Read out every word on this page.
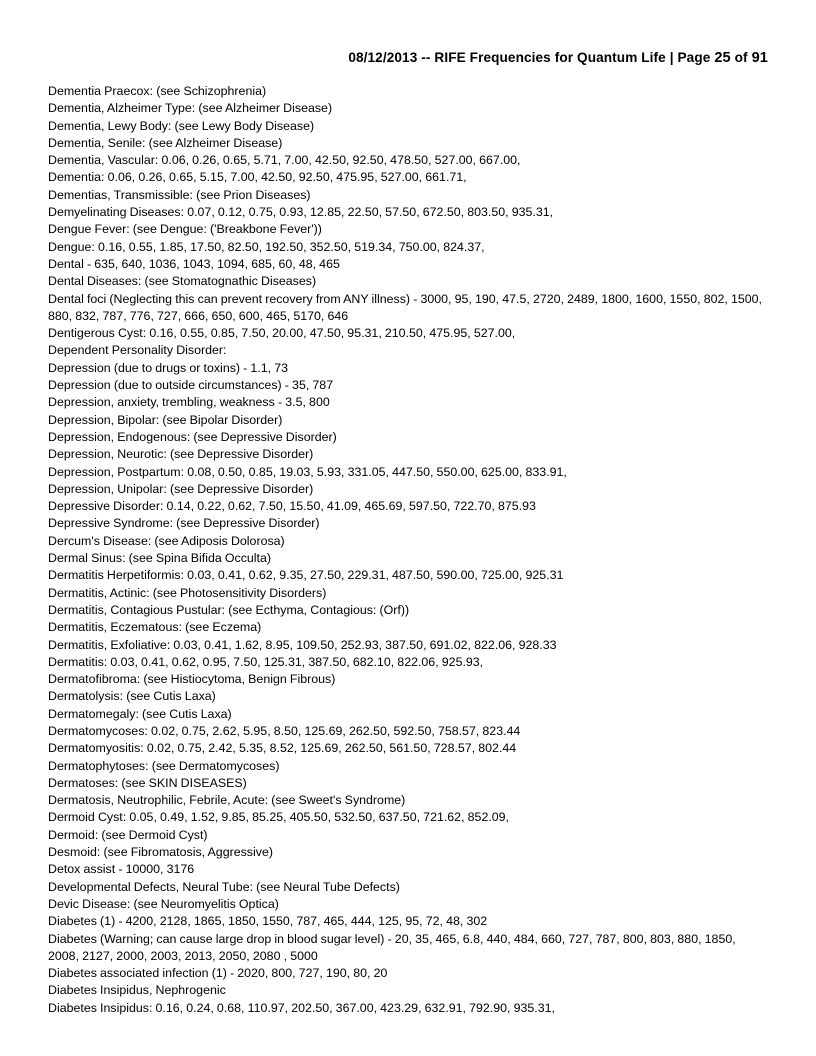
08/12/2013 -- RIFE Frequencies for Quantum Life | Page 25 of 91
Dementia Praecox: (see Schizophrenia)
Dementia, Alzheimer Type: (see Alzheimer Disease)
Dementia, Lewy Body: (see Lewy Body Disease)
Dementia, Senile: (see Alzheimer Disease)
Dementia, Vascular: 0.06, 0.26, 0.65, 5.71, 7.00, 42.50, 92.50, 478.50, 527.00, 667.00,
Dementia: 0.06, 0.26, 0.65, 5.15, 7.00, 42.50, 92.50, 475.95, 527.00, 661.71,
Dementias, Transmissible: (see Prion Diseases)
Demyelinating Diseases: 0.07, 0.12, 0.75, 0.93, 12.85, 22.50, 57.50, 672.50, 803.50, 935.31,
Dengue Fever: (see Dengue: ('Breakbone Fever'))
Dengue: 0.16, 0.55, 1.85, 17.50, 82.50, 192.50, 352.50, 519.34, 750.00, 824.37,
Dental - 635, 640, 1036, 1043, 1094, 685, 60, 48, 465
Dental Diseases: (see Stomatognathic Diseases)
Dental foci (Neglecting this can prevent recovery from ANY illness) - 3000, 95, 190, 47.5, 2720, 2489, 1800, 1600, 1550, 802, 1500, 880, 832, 787, 776, 727, 666, 650, 600, 465, 5170, 646
Dentigerous Cyst: 0.16, 0.55, 0.85, 7.50, 20.00, 47.50, 95.31, 210.50, 475.95, 527.00,
Dependent Personality Disorder:
Depression (due to drugs or toxins) - 1.1, 73
Depression (due to outside circumstances) - 35, 787
Depression, anxiety, trembling, weakness - 3.5, 800
Depression, Bipolar: (see Bipolar Disorder)
Depression, Endogenous: (see Depressive Disorder)
Depression, Neurotic: (see Depressive Disorder)
Depression, Postpartum: 0.08, 0.50, 0.85, 19.03, 5.93, 331.05, 447.50, 550.00, 625.00, 833.91,
Depression, Unipolar: (see Depressive Disorder)
Depressive Disorder: 0.14, 0.22, 0.62, 7.50, 15.50, 41.09, 465.69, 597.50, 722.70, 875.93
Depressive Syndrome: (see Depressive Disorder)
Dercum's Disease: (see Adiposis Dolorosa)
Dermal Sinus: (see Spina Bifida Occulta)
Dermatitis Herpetiformis: 0.03, 0.41, 0.62, 9.35, 27.50, 229.31, 487.50, 590.00, 725.00, 925.31
Dermatitis, Actinic: (see Photosensitivity Disorders)
Dermatitis, Contagious Pustular: (see Ecthyma, Contagious: (Orf))
Dermatitis, Eczematous: (see Eczema)
Dermatitis, Exfoliative: 0.03, 0.41, 1.62, 8.95, 109.50, 252.93, 387.50, 691.02, 822.06, 928.33
Dermatitis: 0.03, 0.41, 0.62, 0.95, 7.50, 125.31, 387.50, 682.10, 822.06, 925.93,
Dermatofibroma: (see Histiocytoma, Benign Fibrous)
Dermatolysis: (see Cutis Laxa)
Dermatomegaly: (see Cutis Laxa)
Dermatomycoses: 0.02, 0.75, 2.62, 5.95, 8.50, 125.69, 262.50, 592.50, 758.57, 823.44
Dermatomyositis: 0.02, 0.75, 2.42, 5.35, 8.52, 125.69, 262.50, 561.50, 728.57, 802.44
Dermatophytoses: (see Dermatomycoses)
Dermatoses: (see SKIN DISEASES)
Dermatosis, Neutrophilic, Febrile, Acute: (see Sweet's Syndrome)
Dermoid Cyst: 0.05, 0.49, 1.52, 9.85, 85.25, 405.50, 532.50, 637.50, 721.62, 852.09,
Dermoid: (see Dermoid Cyst)
Desmoid: (see Fibromatosis, Aggressive)
Detox assist - 10000, 3176
Developmental Defects, Neural Tube: (see Neural Tube Defects)
Devic Disease: (see Neuromyelitis Optica)
Diabetes (1) - 4200, 2128, 1865, 1850, 1550, 787, 465, 444, 125, 95, 72, 48, 302
Diabetes (Warning; can cause large drop in blood sugar level) - 20, 35, 465, 6.8, 440, 484, 660, 727, 787, 800, 803, 880, 1850, 2008, 2127, 2000, 2003, 2013, 2050, 2080 , 5000
Diabetes associated infection (1) - 2020, 800, 727, 190, 80, 20
Diabetes Insipidus, Nephrogenic
Diabetes Insipidus: 0.16, 0.24, 0.68, 110.97, 202.50, 367.00, 423.29, 632.91, 792.90, 935.31,
